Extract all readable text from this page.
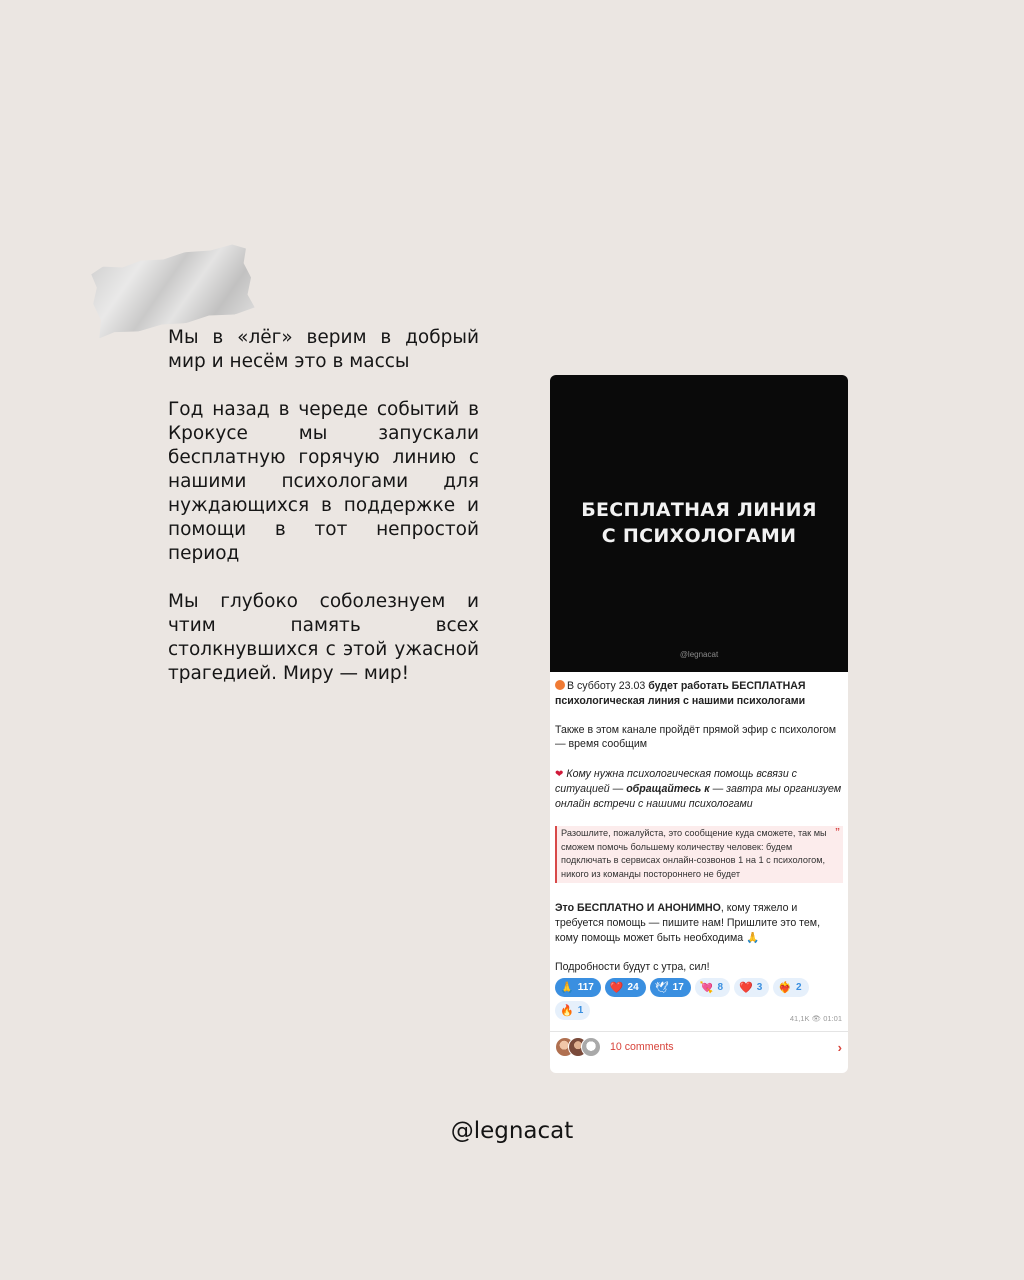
Мы в «лёг» верим в добрый мир и несём это в массы

Год назад в череде событий в Крокусе мы запускали бесплатную горячую линию с нашими психологами для нуждающихся в поддержке и помощи в тот непростой период

Мы глубоко соболезнуем и чтим память всех столкнувшихся с этой ужасной трагедией. Миру — мир!

БЕСПЛАТНАЯ ЛИНИЯ
С ПСИХОЛОГАМИ
@legnacat
В субботу 23.03 будет работать БЕСПЛАТНАЯ психологическая линия с нашими психологами
Также в этом канале пройдёт прямой эфир с психологом — время сообщим
❤ Кому нужна психологическая помощь всвязи с ситуацией — обращайтесь к — завтра мы организуем онлайн встречи с нашими психологами
Разошлите, пожалуйста, это сообщение куда сможете, так мы сможем помочь большему количеству человек: будем подключать в сервисах онлайн-созвонов 1 на 1 с психологом, никого из команды постороннего не будет
”
Это БЕСПЛАТНО И АНОНИМНО, кому тяжело и требуется помощь — пишите нам! Пришлите это тем, кому помощь может быть необходима 🙏
Подробности будут с утра, сил!
🙏 117 ❤️ 24 🕊 17 💘 8 ❤️ 3 ❤️‍🔥 2
🔥 1
41,1K 👁 01:01
10 comments	›
@legnacat
